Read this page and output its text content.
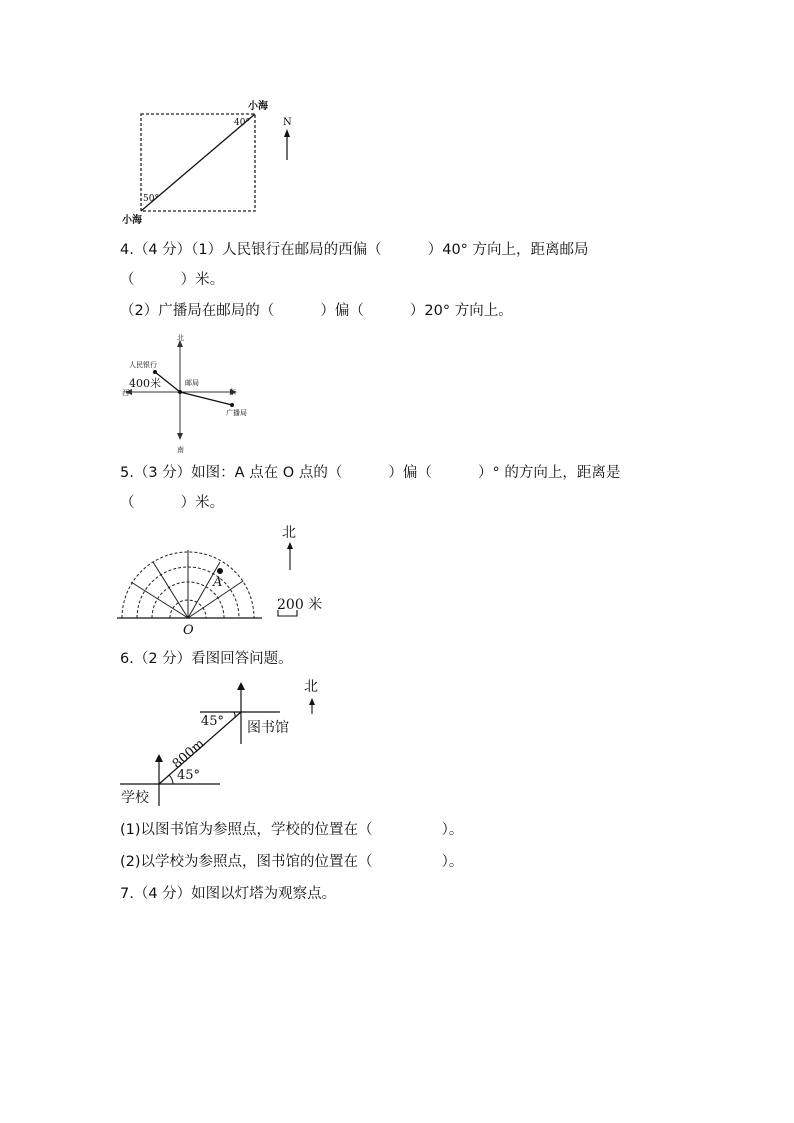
小海
小海
40°
50°
N
4.（4 分）（1）人民银行在邮局的西偏（          ）40° 方向上，距离邮局
（          ）米。
（2）广播局在邮局的（          ）偏（          ）20° 方向上。
北
南
东
西
人民银行
邮局
广播局
400米
5.（3 分）如图：A 点在 O 点的（          ）偏（          ）° 的方向上，距离是
（          ）米。
A
O
北
200 米
6.（2 分）看图回答问题。
45°
45°
800m
图书馆
学校
北
(1)以图书馆为参照点，学校的位置在（               ）。
(2)以学校为参照点，图书馆的位置在（               ）。
7.（4 分）如图以灯塔为观察点。
